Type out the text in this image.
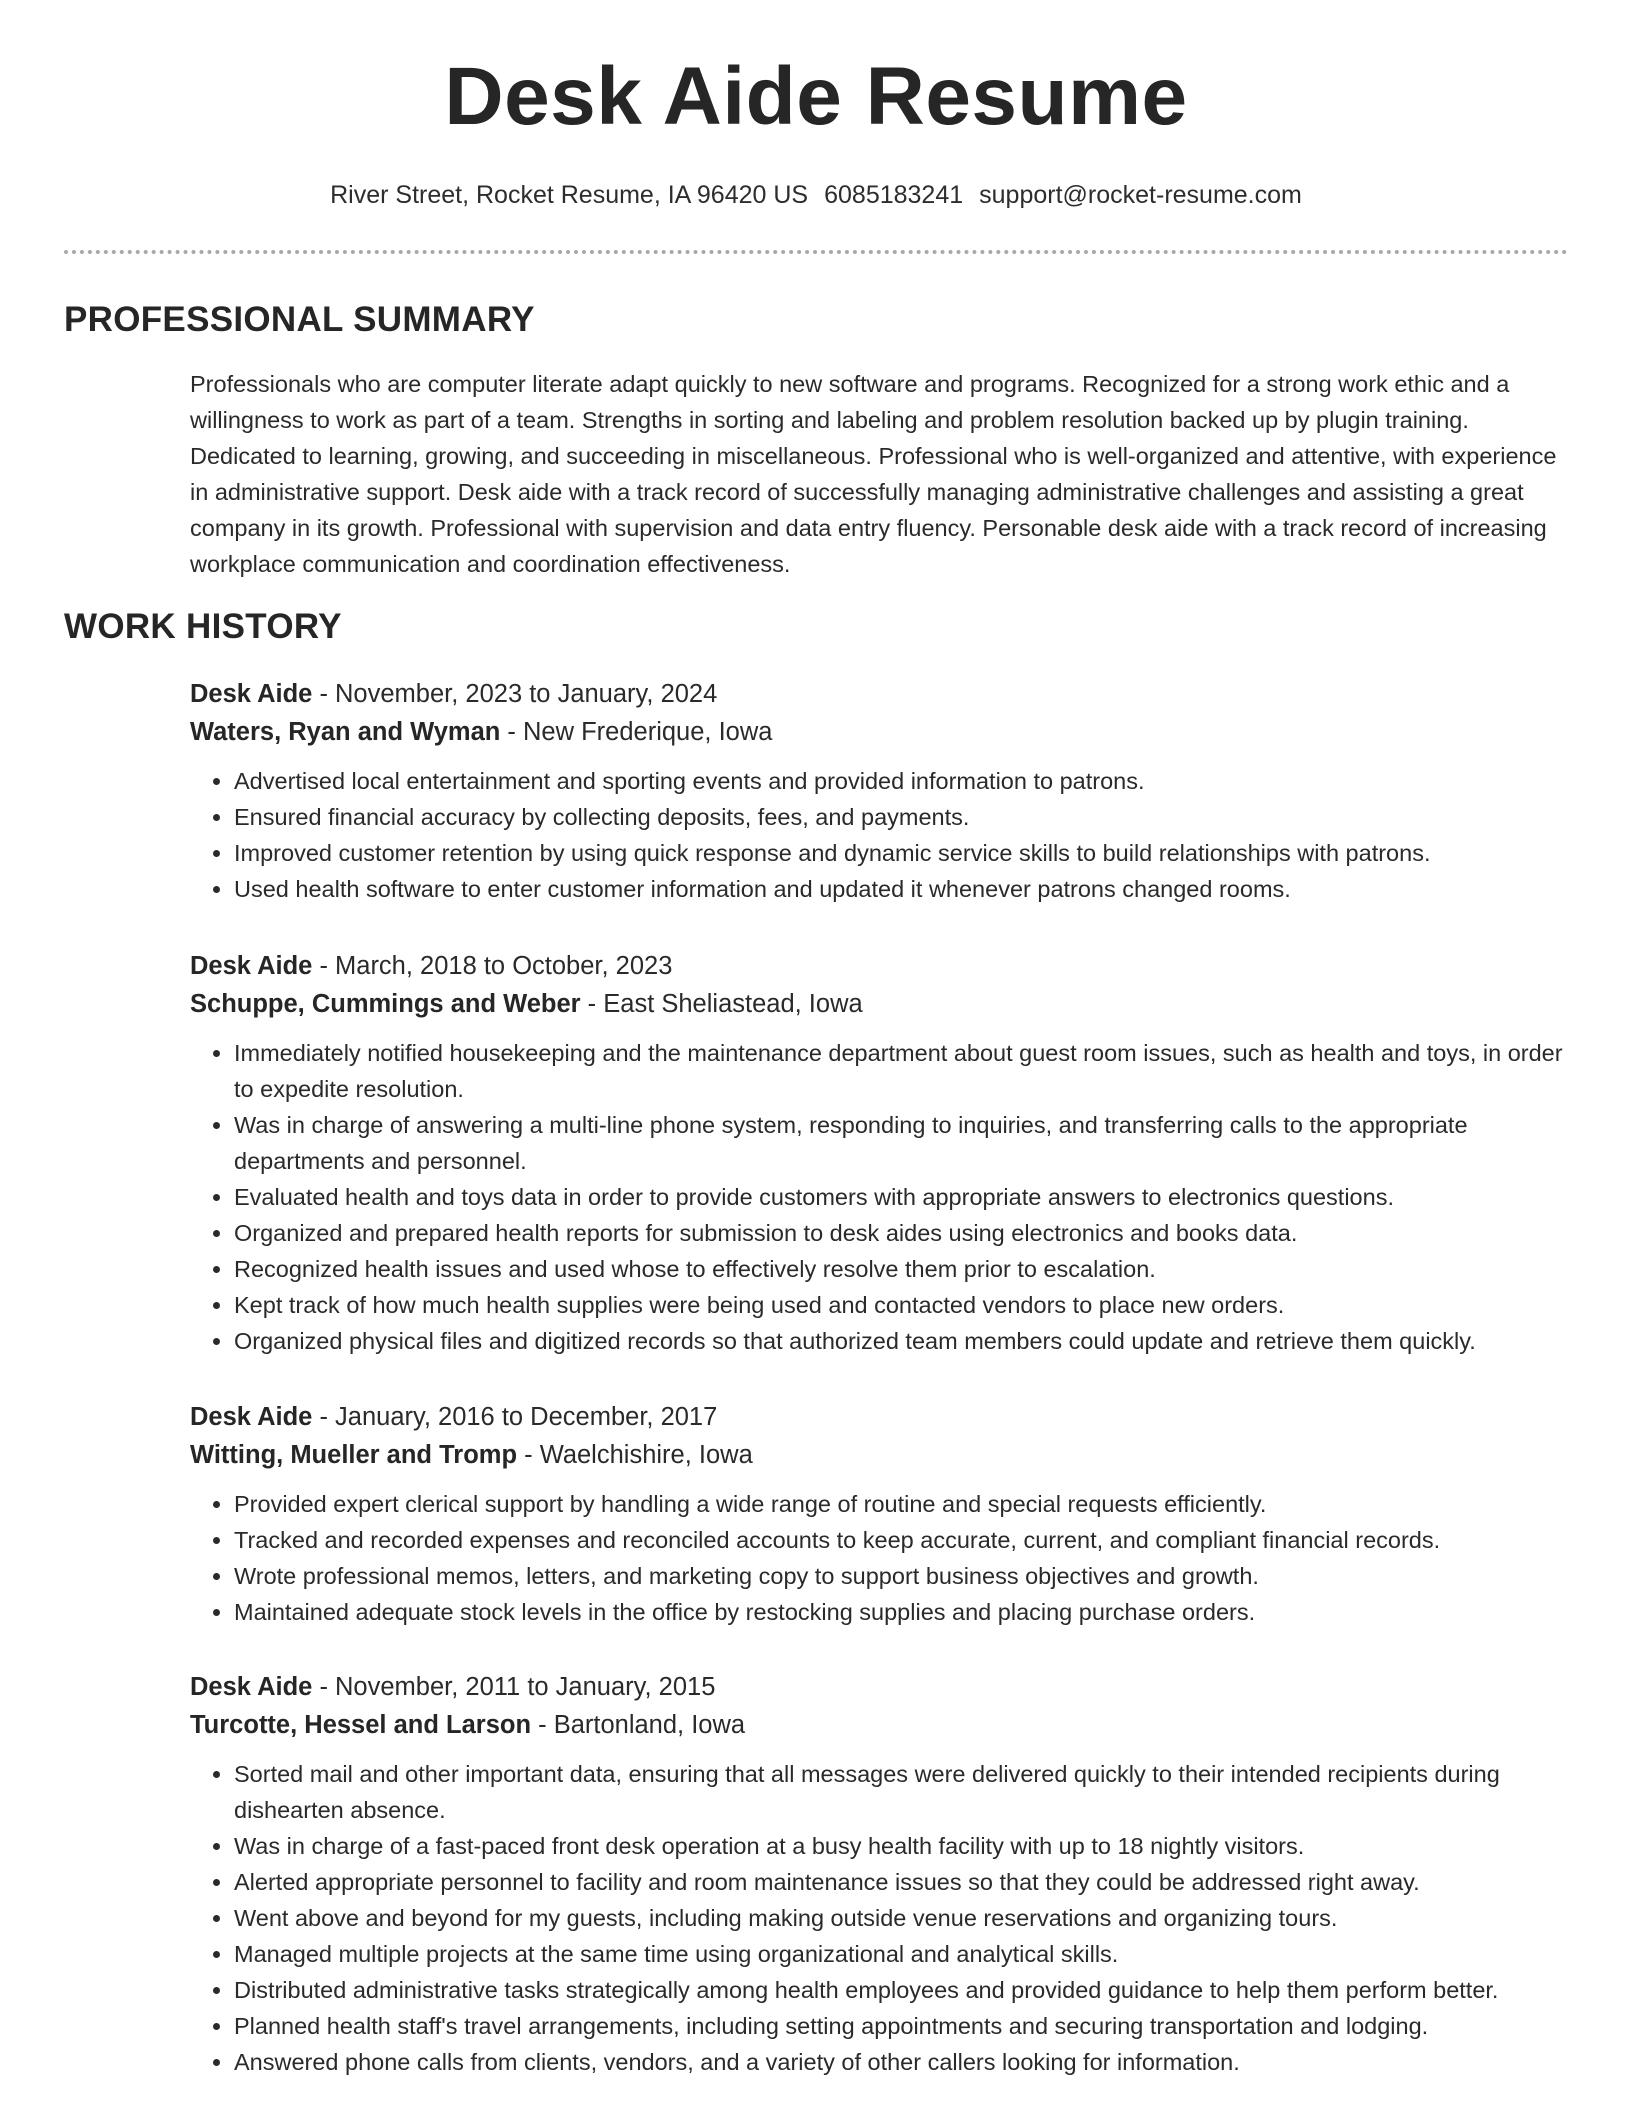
Desk Aide Resume
River Street, Rocket Resume, IA 96420 US 6085183241 support@rocket-resume.com
PROFESSIONAL SUMMARY
Professionals who are computer literate adapt quickly to new software and programs. Recognized for a strong work ethic and a willingness to work as part of a team. Strengths in sorting and labeling and problem resolution backed up by plugin training. Dedicated to learning, growing, and succeeding in miscellaneous. Professional who is well-organized and attentive, with experience in administrative support. Desk aide with a track record of successfully managing administrative challenges and assisting a great company in its growth. Professional with supervision and data entry fluency. Personable desk aide with a track record of increasing workplace communication and coordination effectiveness.
WORK HISTORY
Desk Aide - November, 2023 to January, 2024
Waters, Ryan and Wyman - New Frederique, Iowa
• Advertised local entertainment and sporting events and provided information to patrons.
• Ensured financial accuracy by collecting deposits, fees, and payments.
• Improved customer retention by using quick response and dynamic service skills to build relationships with patrons.
• Used health software to enter customer information and updated it whenever patrons changed rooms.
Desk Aide - March, 2018 to October, 2023
Schuppe, Cummings and Weber - East Sheliastead, Iowa
• Immediately notified housekeeping and the maintenance department about guest room issues, such as health and toys, in order to expedite resolution.
• Was in charge of answering a multi-line phone system, responding to inquiries, and transferring calls to the appropriate departments and personnel.
• Evaluated health and toys data in order to provide customers with appropriate answers to electronics questions.
• Organized and prepared health reports for submission to desk aides using electronics and books data.
• Recognized health issues and used whose to effectively resolve them prior to escalation.
• Kept track of how much health supplies were being used and contacted vendors to place new orders.
• Organized physical files and digitized records so that authorized team members could update and retrieve them quickly.
Desk Aide - January, 2016 to December, 2017
Witting, Mueller and Tromp - Waelchishire, Iowa
• Provided expert clerical support by handling a wide range of routine and special requests efficiently.
• Tracked and recorded expenses and reconciled accounts to keep accurate, current, and compliant financial records.
• Wrote professional memos, letters, and marketing copy to support business objectives and growth.
• Maintained adequate stock levels in the office by restocking supplies and placing purchase orders.
Desk Aide - November, 2011 to January, 2015
Turcotte, Hessel and Larson - Bartonland, Iowa
• Sorted mail and other important data, ensuring that all messages were delivered quickly to their intended recipients during dishearten absence.
• Was in charge of a fast-paced front desk operation at a busy health facility with up to 18 nightly visitors.
• Alerted appropriate personnel to facility and room maintenance issues so that they could be addressed right away.
• Went above and beyond for my guests, including making outside venue reservations and organizing tours.
• Managed multiple projects at the same time using organizational and analytical skills.
• Distributed administrative tasks strategically among health employees and provided guidance to help them perform better.
• Planned health staff's travel arrangements, including setting appointments and securing transportation and lodging.
• Answered phone calls from clients, vendors, and a variety of other callers looking for information.
